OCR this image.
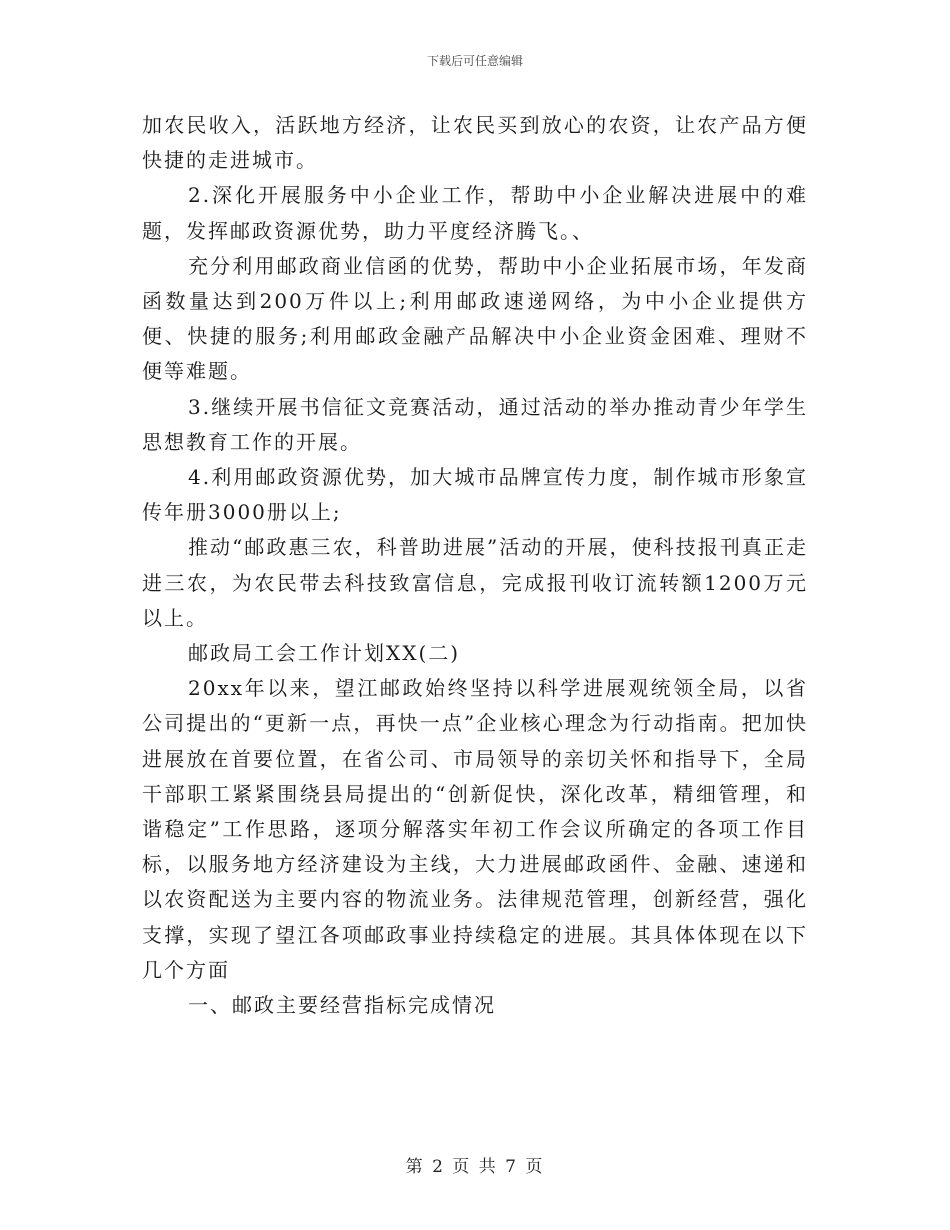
下载后可任意编辑

加农民收入，活跃地方经济，让农民买到放心的农资，让农产品方便快捷的走进城市。

2.深化开展服务中小企业工作，帮助中小企业解决进展中的难题，发挥邮政资源优势，助力平度经济腾飞。、

充分利用邮政商业信函的优势，帮助中小企业拓展市场，年发商函数量达到200万件以上;利用邮政速递网络，为中小企业提供方便、快捷的服务;利用邮政金融产品解决中小企业资金困难、理财不便等难题。

3.继续开展书信征文竞赛活动，通过活动的举办推动青少年学生思想教育工作的开展。

4.利用邮政资源优势，加大城市品牌宣传力度，制作城市形象宣传年册3000册以上;

推动“邮政惠三农，科普助进展”活动的开展，使科技报刊真正走进三农，为农民带去科技致富信息，完成报刊收订流转额1200万元以上。

邮政局工会工作计划XX(二)

20xx年以来，望江邮政始终坚持以科学进展观统领全局，以省公司提出的“更新一点，再快一点”企业核心理念为行动指南。把加快进展放在首要位置，在省公司、市局领导的亲切关怀和指导下，全局干部职工紧紧围绕县局提出的“创新促快，深化改革，精细管理，和谐稳定”工作思路，逐项分解落实年初工作会议所确定的各项工作目标，以服务地方经济建设为主线，大力进展邮政函件、金融、速递和以农资配送为主要内容的物流业务。法律规范管理，创新经营，强化支撑，实现了望江各项邮政事业持续稳定的进展。其具体体现在以下几个方面

一、邮政主要经营指标完成情况

第 2 页 共 7 页
